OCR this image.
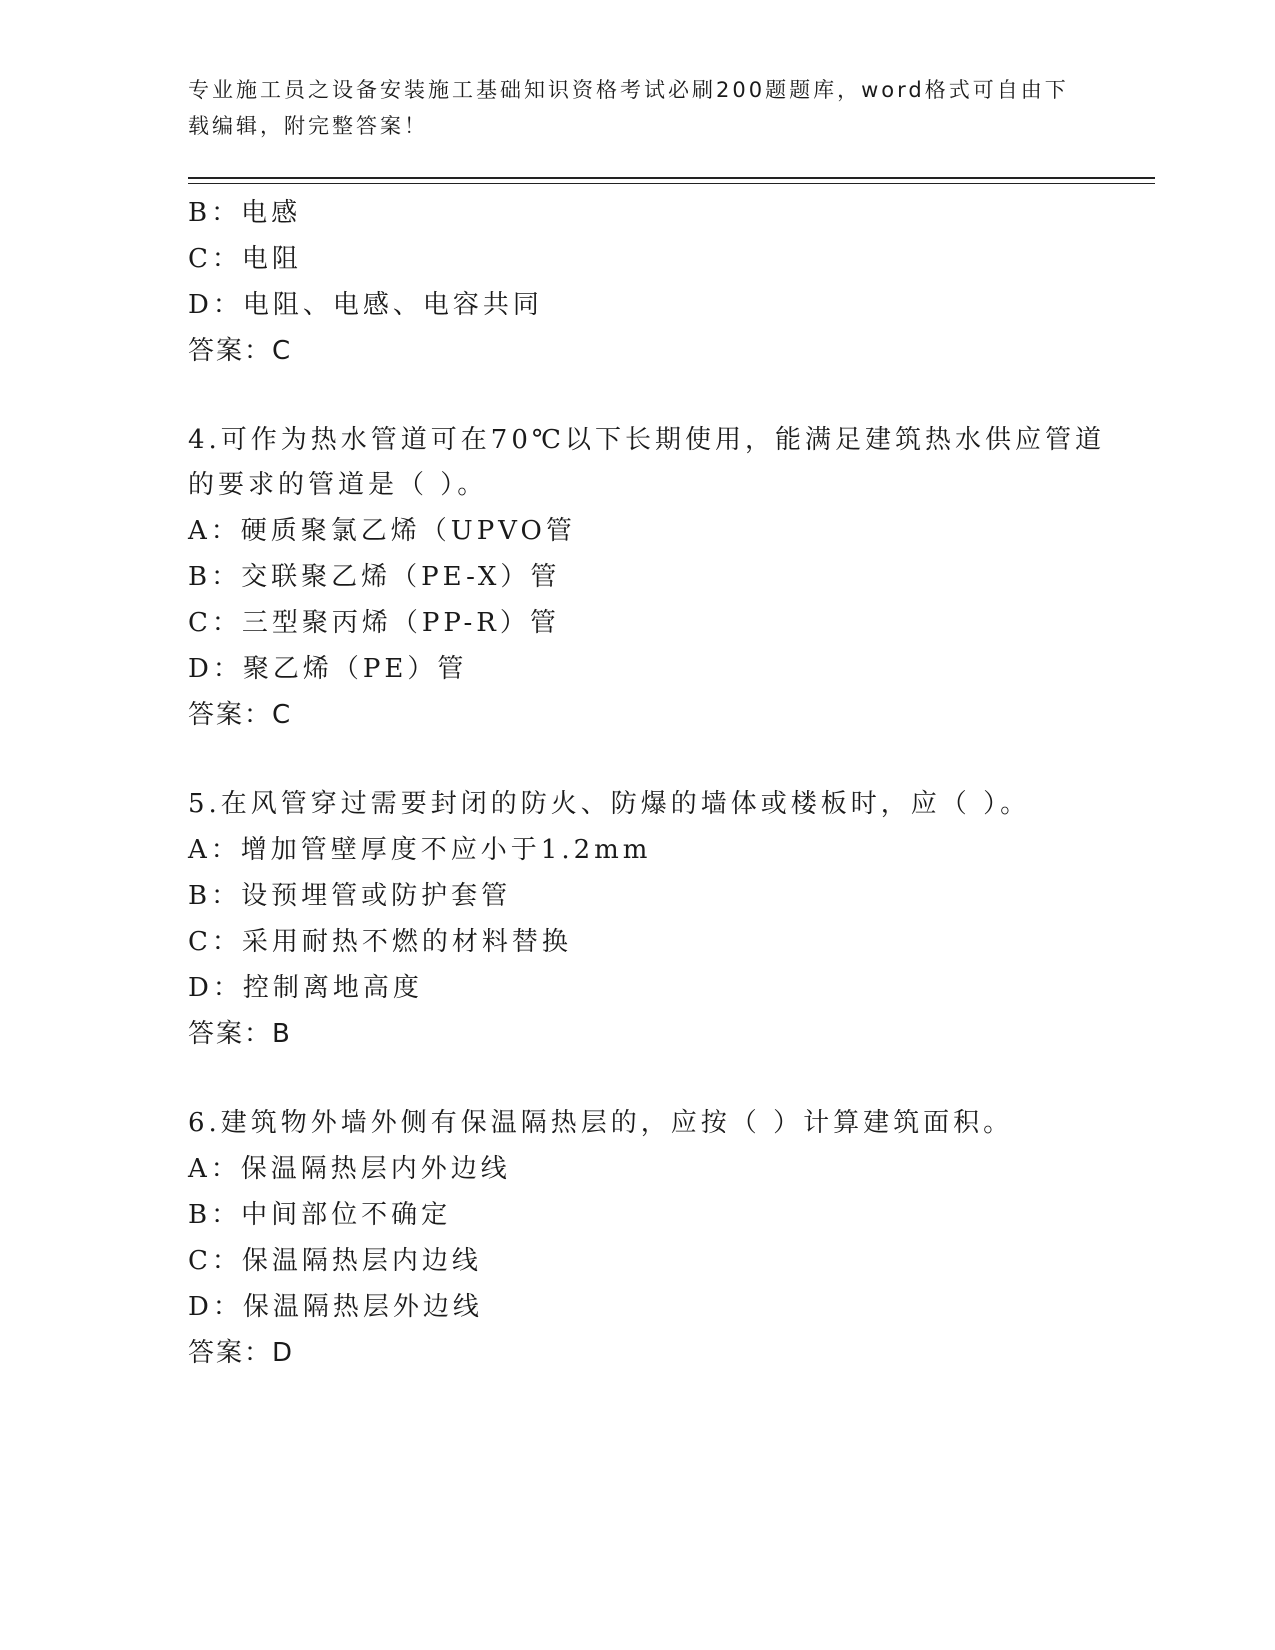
专业施工员之设备安装施工基础知识资格考试必刷200题题库，word格式可自由下载编辑，附完整答案！
B：电感
C：电阻
D：电阻、电感、电容共同
答案：C
4.可作为热水管道可在70℃以下长期使用，能满足建筑热水供应管道的要求的管道是（ ）。
A：硬质聚氯乙烯（UPVO管
B：交联聚乙烯（PE-X）管
C：三型聚丙烯（PP-R）管
D：聚乙烯（PE）管
答案：C
5.在风管穿过需要封闭的防火、防爆的墙体或楼板时，应（ ）。
A：增加管壁厚度不应小于1.2mm
B：设预埋管或防护套管
C：采用耐热不燃的材料替换
D：控制离地高度
答案：B
6.建筑物外墙外侧有保温隔热层的，应按（ ）计算建筑面积。
A：保温隔热层内外边线
B：中间部位不确定
C：保温隔热层内边线
D：保温隔热层外边线
答案：D
